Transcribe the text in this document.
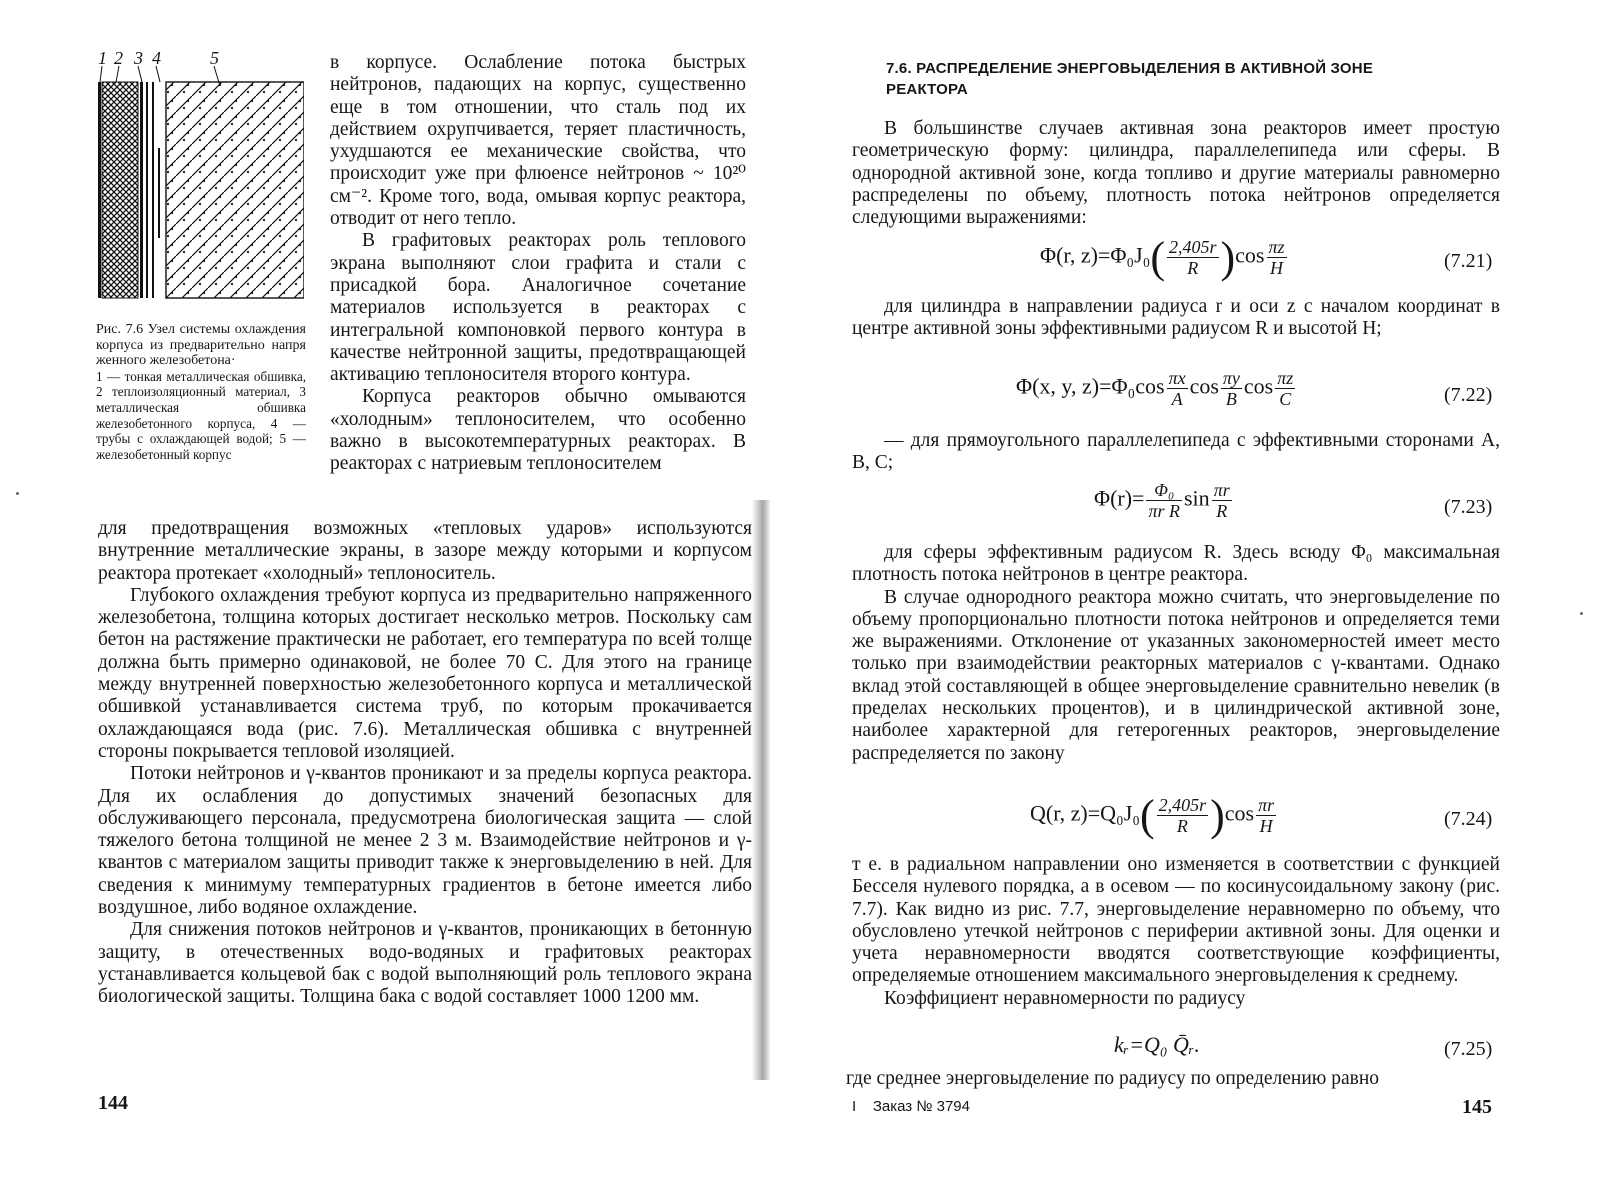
1 2 3 4	5

Рис. 7.6 Узел системы охлаждения корпуса из предварительно напря женного железобетона·

1 — тонкая металлическая обшивка, 2 теплоизоляционный материал, 3 металлическая обшивка железобетонного корпуса, 4 — трубы с охлаждающей водой; 5 — железобетонный корпус

в корпусе. Ослабление потока быстрых нейтронов, падающих на корпус, существенно еще в том отношении, что сталь под их действием охрупчивается, теряет пластичность, ухудшаются ее механические свойства, что происходит уже при флюенсе нейтронов ~ 10²⁰ см⁻². Кроме того, вода, омывая корпус реактора, отводит от него тепло.

В графитовых реакторах роль теплового экрана выполняют слои графита и стали с присадкой бора. Аналогичное сочетание материалов используется в реакторах с интегральной компоновкой первого контура в качестве нейтронной защиты, предотвращающей активацию теплоносителя второго контура.

Корпуса реакторов обычно омываются «холодным» теплоносителем, что особенно важно в высокотемпературных реакторах. В реакторах с натриевым теплоносителем

для предотвращения возможных «тепловых ударов» используются внутренние металлические экраны, в зазоре между которыми и корпусом реактора протекает «холодный» теплоноситель.

Глубокого охлаждения требуют корпуса из предварительно напряженного железобетона, толщина которых достигает несколько метров. Поскольку сам бетон на растяжение практически не работает, его температура по всей толще должна быть примерно одинаковой, не более 70 С. Для этого на границе между внутренней поверхностью железобетонного корпуса и металлической обшивкой устанавливается система труб, по которым прокачивается охлаждающаяся вода (рис. 7.6). Металлическая обшивка с внутренней стороны покрывается тепловой изоляцией.

Потоки нейтронов и γ-квантов проникают и за пределы корпуса реактора. Для их ослабления до допустимых значений безопасных для обслуживающего персонала, предусмотрена биологическая защита — слой тяжелого бетона толщиной не менее 2 3 м. Взаимодействие нейтронов и γ-квантов с материалом защиты приводит также к энерговыделению в ней. Для сведения к минимуму температурных градиентов в бетоне имеется либо воздушное, либо водяное охлаждение.

Для снижения потоков нейтронов и γ-квантов, проникающих в бетонную защиту, в отечественных водо-водяных и графитовых реакторах устанавливается кольцевой бак с водой выполняющий роль теплового экрана биологической защиты. Толщина бака с водой составляет 1000 1200 мм.

144
7.6. РАСПРЕДЕЛЕНИЕ ЭНЕРГОВЫДЕЛЕНИЯ В АКТИВНОЙ ЗОНЕ РЕАКТОРА

В большинстве случаев активная зона реакторов имеет простую геометрическую форму: цилиндра, параллелепипеда или сферы. В однородной активной зоне, когда топливо и другие материалы равномерно распределены по объему, плотность потока нейтронов определяется следующими выражениями:

Φ(r, $z)=\Phi_0J_0( \frac{2,405r}{R} )\cos \frac{\pi z}{H}$	(7.21)

для цилиндра в направлении радиуса r и оси z с началом координат в центре активной зоны эффективными радиусом R и высотой H;

Φ(x, y, $z)=\Phi_0\cos \frac{\pi x}{A}$ $\cos \frac{\pi y}{B}$ $\cos \frac{\pi z}{C}$	(7.22)

— для прямоугольного параллелепипеда с эффективными сторонами A, B, C;

$\Phi(r)= \frac{\text{Φ₀}}{\text{πr R}}$ $\sin \frac{\pi r}{R}$	(7.23)

для сферы эффективным радиусом R. Здесь всюду Φ₀ максимальная плотность потока нейтронов в центре реактора.

В случае однородного реактора можно считать, что энерговыделение по объему пропорционально плотности потока нейтронов и определяется теми же выражениями. Отклонение от указанных закономерностей имеет место только при взаимодействии реакторных материалов с γ-квантами. Однако вклад этой составляющей в общее энерговыделение сравнительно невелик (в пределах нескольких процентов), и в цилиндрической активной зоне, наиболее характерной для гетерогенных реакторов, энерговыделение распределяется по закону

Q(r, $z)=Q_0J_0( \frac{2,405r}{R} )\cos \frac{\pi r}{H}$	(7.24)

т е. в радиальном направлении оно изменяется в соответствии с функцией Бесселя нулевого порядка, а в осевом — по косинусоидальному закону (рис. 7.7). Как видно из рис. 7.7, энерговыделение неравномерно по объему, что обусловлено утечкой нейтронов с периферии активной зоны. Для оценки и учета неравномерности вводятся соответствующие коэффициенты, определяемые отношением максимального энерговыделения к среднему.

Коэффициент неравномерности по радиусу

kᵣ=Q₀ Q̄ᵣ.	(7.25)

где среднее энерговыделение по радиусу по определению равно

I Заказ № 3794	145
